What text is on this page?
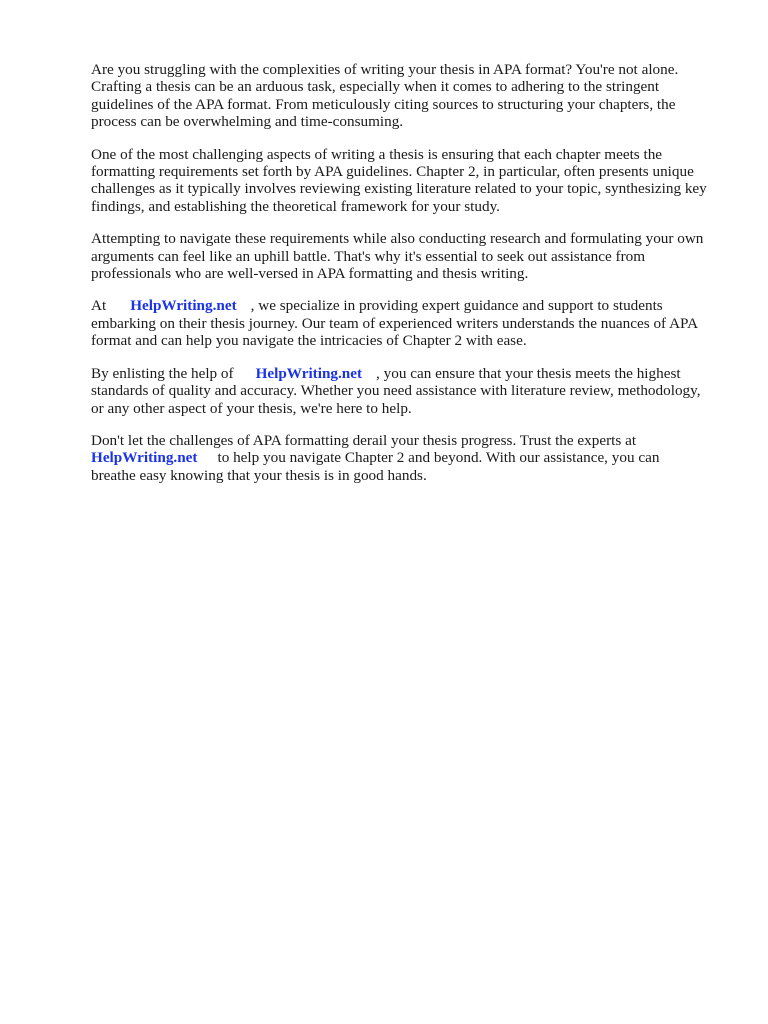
Are you struggling with the complexities of writing your thesis in APA format? You're not alone.
Crafting a thesis can be an arduous task, especially when it comes to adhering to the stringent
guidelines of the APA format. From meticulously citing sources to structuring your chapters, the
process can be overwhelming and time-consuming.

One of the most challenging aspects of writing a thesis is ensuring that each chapter meets the
formatting requirements set forth by APA guidelines. Chapter 2, in particular, often presents unique
challenges as it typically involves reviewing existing literature related to your topic, synthesizing key
findings, and establishing the theoretical framework for your study.

Attempting to navigate these requirements while also conducting research and formulating your own
arguments can feel like an uphill battle. That's why it's essential to seek out assistance from
professionals who are well-versed in APA formatting and thesis writing.

At HelpWriting.net , we specialize in providing expert guidance and support to students
embarking on their thesis journey. Our team of experienced writers understands the nuances of APA
format and can help you navigate the intricacies of Chapter 2 with ease.

By enlisting the help of HelpWriting.net , you can ensure that your thesis meets the highest
standards of quality and accuracy. Whether you need assistance with literature review, methodology,
or any other aspect of your thesis, we're here to help.

Don't let the challenges of APA formatting derail your thesis progress. Trust the experts at
HelpWriting.net to help you navigate Chapter 2 and beyond. With our assistance, you can
breathe easy knowing that your thesis is in good hands.
